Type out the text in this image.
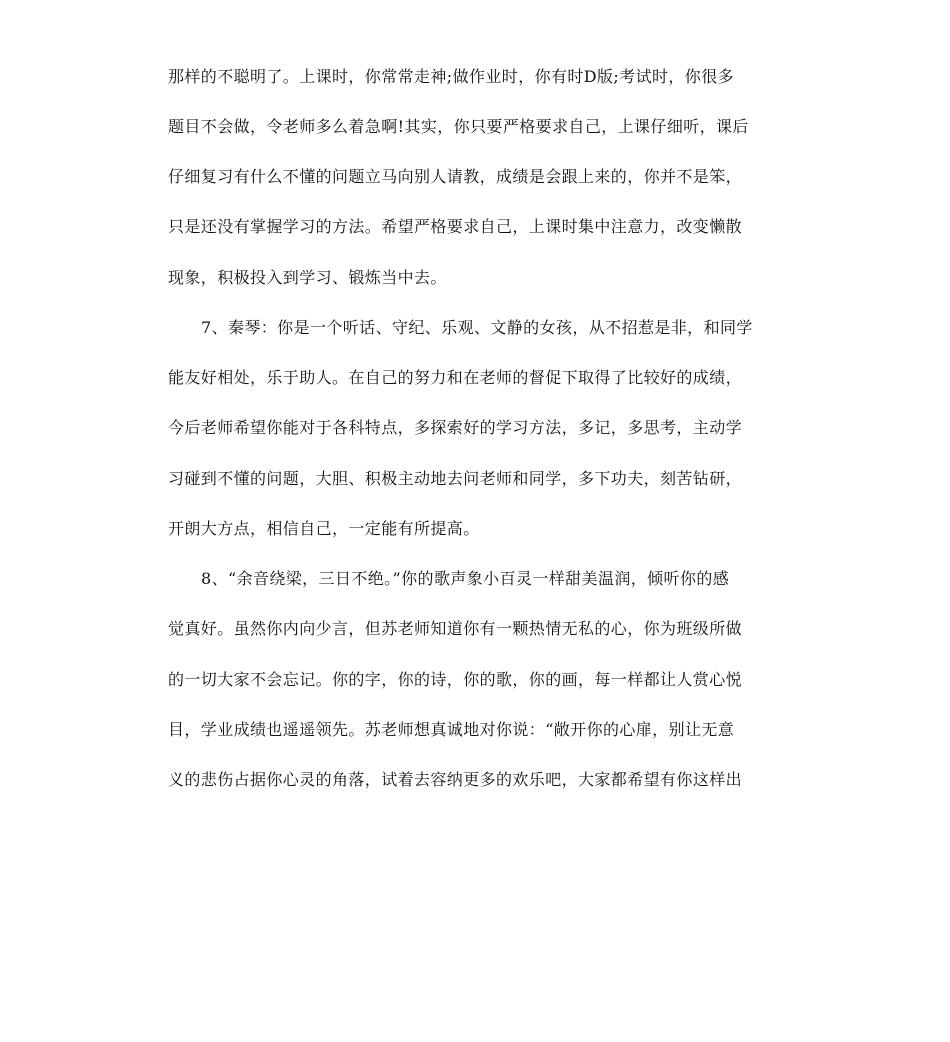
那样的不聪明了。上课时，你常常走神;做作业时，你有时D版;考试时，你很多
题目不会做，令老师多么着急啊!其实，你只要严格要求自己，上课仔细听，课后
仔细复习有什么不懂的问题立马向别人请教，成绩是会跟上来的，你并不是笨，
只是还没有掌握学习的方法。希望严格要求自己，上课时集中注意力，改变懒散
现象，积极投入到学习、锻炼当中去。
7、秦琴：你是一个听话、守纪、乐观、文静的女孩，从不招惹是非，和同学
能友好相处，乐于助人。在自己的努力和在老师的督促下取得了比较好的成绩，
今后老师希望你能对于各科特点，多探索好的学习方法，多记，多思考，主动学
习碰到不懂的问题，大胆、积极主动地去问老师和同学，多下功夫，刻苦钻研，
开朗大方点，相信自己，一定能有所提高。
8、“余音绕梁，三日不绝。”你的歌声象小百灵一样甜美温润，倾听你的感
觉真好。虽然你内向少言，但苏老师知道你有一颗热情无私的心，你为班级所做
的一切大家不会忘记。你的字，你的诗，你的歌，你的画，每一样都让人赏心悦
目，学业成绩也遥遥领先。苏老师想真诚地对你说：“敞开你的心扉，别让无意
义的悲伤占据你心灵的角落，试着去容纳更多的欢乐吧，大家都希望有你这样出
